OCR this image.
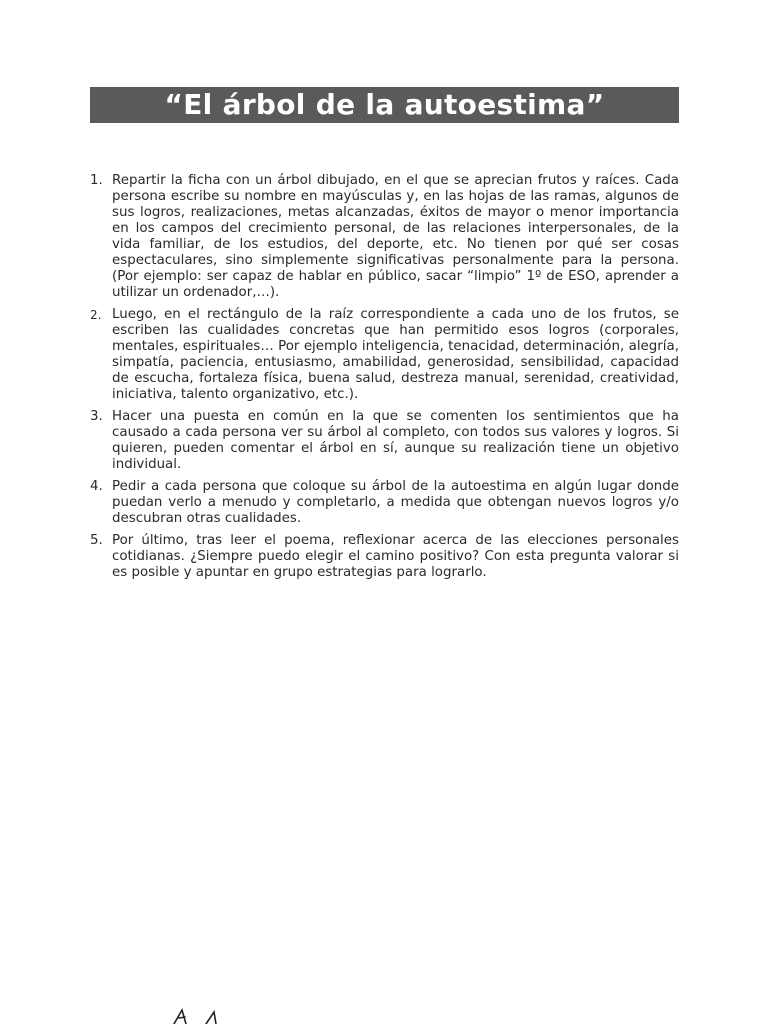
“El árbol de la autoestima”
1. Repartir la ficha con un árbol dibujado, en el que se aprecian frutos y raíces. Cada persona escribe su nombre en mayúsculas y, en las hojas de las ramas, algunos de sus logros, realizaciones, metas alcanzadas, éxitos de mayor o menor importancia en los campos del crecimiento personal, de las relaciones interpersonales, de la vida familiar, de los estudios, del deporte, etc. No tienen por qué ser cosas espectaculares, sino simplemente significativas personalmente para la persona. (Por ejemplo: ser capaz de hablar en público, sacar “limpio” 1º de ESO, aprender a utilizar un ordenador,…).
2. Luego, en el rectángulo de la raíz correspondiente a cada uno de los frutos, se escriben las cualidades concretas que han permitido esos logros (corporales, mentales, espirituales… Por ejemplo inteligencia, tenacidad, determinación, alegría, simpatía, paciencia, entusiasmo, amabilidad, generosidad, sensibilidad, capacidad de escucha, fortaleza física, buena salud, destreza manual, serenidad, creatividad, iniciativa, talento organizativo, etc.).
3. Hacer una puesta en común en la que se comenten los sentimientos que ha causado a cada persona ver su árbol al completo, con todos sus valores y logros. Si quieren, pueden comentar el árbol en sí, aunque su realización tiene un objetivo individual.
4. Pedir a cada persona que coloque su árbol de la autoestima en algún lugar donde puedan verlo a menudo y completarlo, a medida que obtengan nuevos logros y/o descubran otras cualidades.
5. Por último, tras leer el poema, reflexionar acerca de las elecciones personales cotidianas. ¿Siempre puedo elegir el camino positivo? Con esta pregunta valorar si es posible y apuntar en grupo estrategias para lograrlo.
